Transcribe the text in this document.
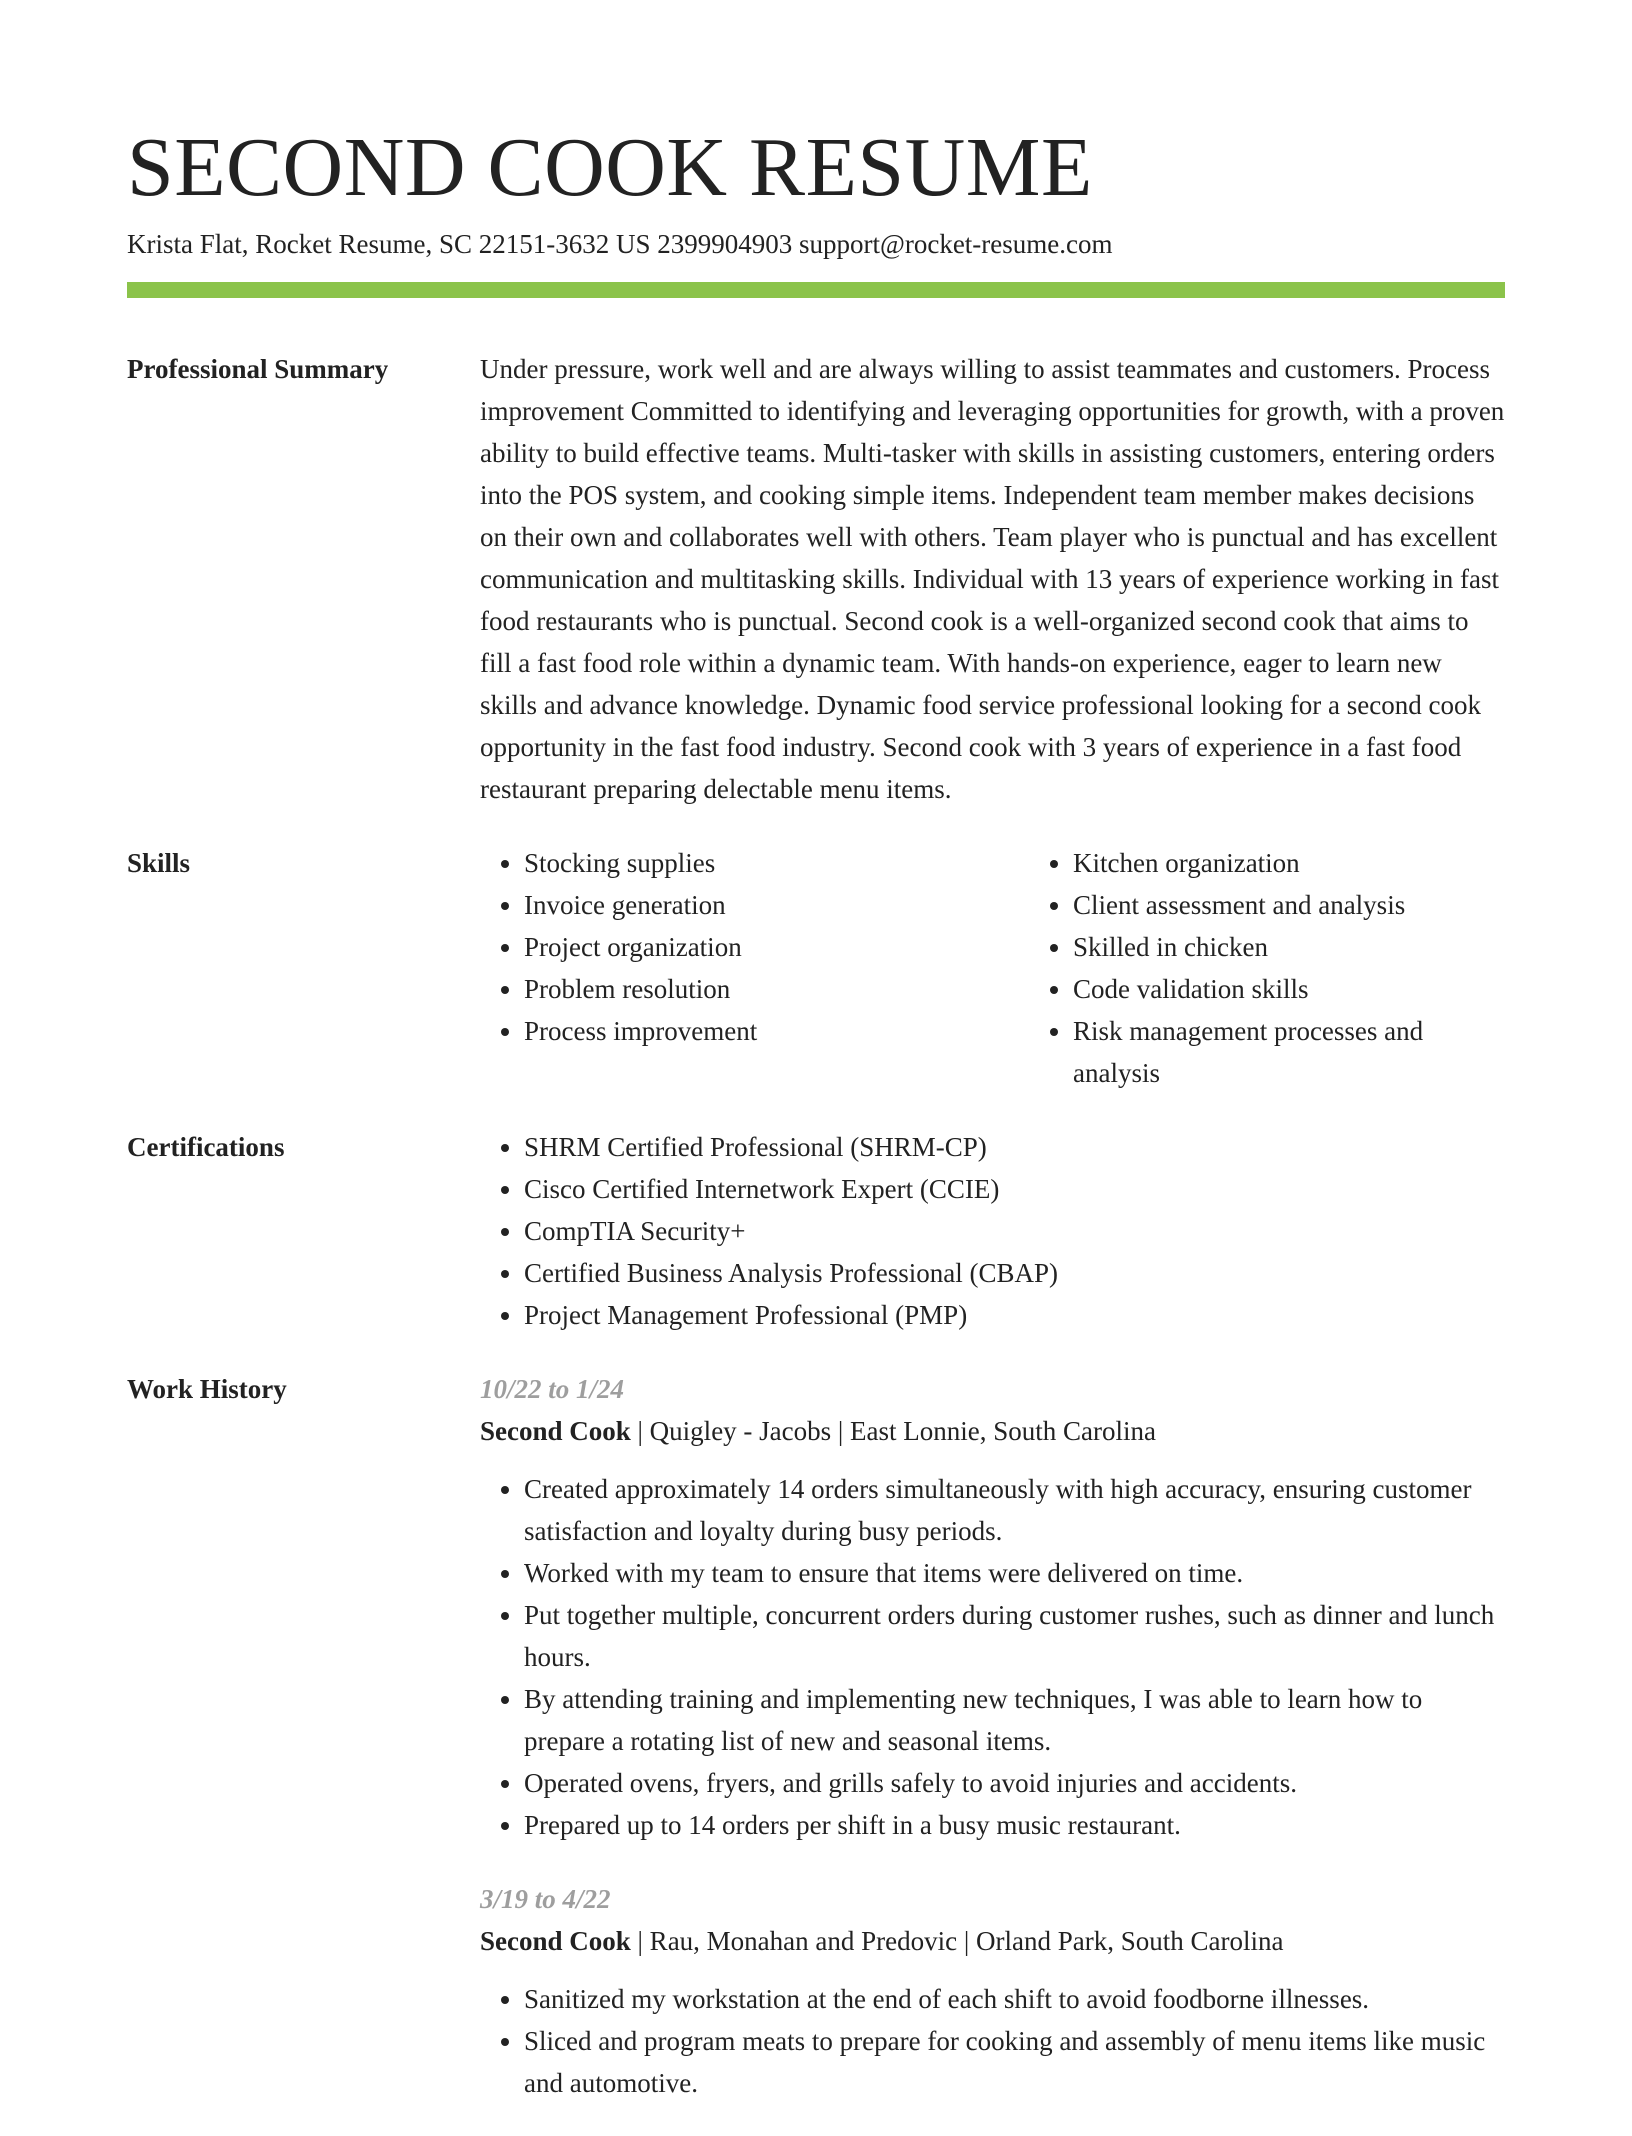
SECOND COOK RESUME
Krista Flat, Rocket Resume, SC 22151-3632 US 2399904903 support@rocket-resume.com
Professional Summary	Under pressure, work well and are always willing to assist teammates and customers. Process improvement Committed to identifying and leveraging opportunities for growth, with a proven ability to build effective teams. Multi-tasker with skills in assisting customers, entering orders into the POS system, and cooking simple items. Independent team member makes decisions on their own and collaborates well with others. Team player who is punctual and has excellent communication and multitasking skills. Individual with 13 years of experience working in fast food restaurants who is punctual. Second cook is a well-organized second cook that aims to fill a fast food role within a dynamic team. With hands-on experience, eager to learn new skills and advance knowledge. Dynamic food service professional looking for a second cook opportunity in the fast food industry. Second cook with 3 years of experience in a fast food restaurant preparing delectable menu items.
Skills	• Stocking supplies
• Invoice generation
• Project organization
• Problem resolution
• Process improvement
• Kitchen organization
• Client assessment and analysis
• Skilled in chicken
• Code validation skills
• Risk management processes and analysis
Certifications	• SHRM Certified Professional (SHRM-CP)
• Cisco Certified Internetwork Expert (CCIE)
• CompTIA Security+
• Certified Business Analysis Professional (CBAP)
• Project Management Professional (PMP)
Work History	10/22 to 1/24
Second Cook | Quigley - Jacobs | East Lonnie, South Carolina
• Created approximately 14 orders simultaneously with high accuracy, ensuring customer satisfaction and loyalty during busy periods.
• Worked with my team to ensure that items were delivered on time.
• Put together multiple, concurrent orders during customer rushes, such as dinner and lunch hours.
• By attending training and implementing new techniques, I was able to learn how to prepare a rotating list of new and seasonal items.
• Operated ovens, fryers, and grills safely to avoid injuries and accidents.
• Prepared up to 14 orders per shift in a busy music restaurant.
3/19 to 4/22
Second Cook | Rau, Monahan and Predovic | Orland Park, South Carolina
• Sanitized my workstation at the end of each shift to avoid foodborne illnesses.
• Sliced and program meats to prepare for cooking and assembly of menu items like music and automotive.
